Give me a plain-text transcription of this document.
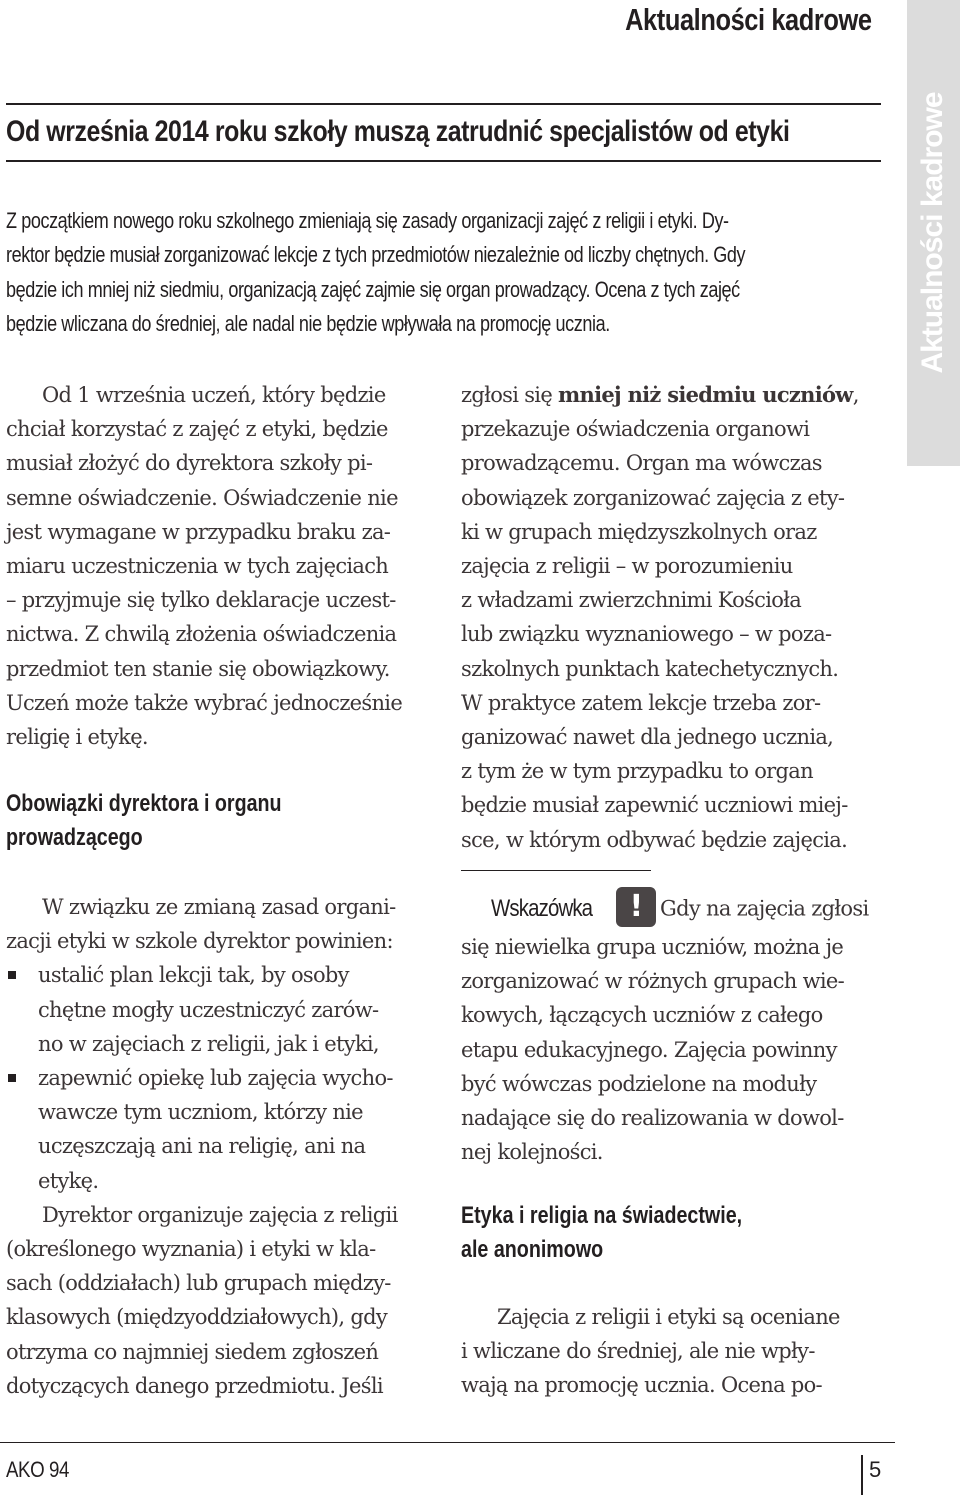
Aktualności kadrowe
Aktualności kadrowe
Od września 2014 roku szkoły muszą zatrudnić specjalistów od etyki
Z początkiem nowego roku szkolnego zmieniają się zasady organizacji zajęć z religii i etyki. Dy-
rektor będzie musiał zorganizować lekcje z tych przedmiotów niezależnie od liczby chętnych. Gdy
będzie ich mniej niż siedmiu, organizacją zajęć zajmie się organ prowadzący. Ocena z tych zajęć
będzie wliczana do średniej, ale nadal nie będzie wpływała na promocję ucznia.

Od 1 września uczeń, który będzie
chciał korzystać z zajęć z etyki, będzie
musiał złożyć do dyrektora szkoły pi-
semne oświadczenie. Oświadczenie nie
jest wymagane w przypadku braku za-
miaru uczestniczenia w tych zajęciach
– przyjmuje się tylko deklaracje uczest-
nictwa. Z chwilą złożenia oświadczenia
przedmiot ten stanie się obowiązkowy.
Uczeń może także wybrać jednocześnie
religię i etykę.

Obowiązki dyrektora i organu
prowadzącego

W związku ze zmianą zasad organi-
zacji etyki w szkole dyrektor powinien:

ustalić plan lekcji tak, by osoby
chętne mogły uczestniczyć zarów-
no w zajęciach z religii, jak i etyki,
zapewnić opiekę lub zajęcia wycho-
wawcze tym uczniom, którzy nie
uczęszczają ani na religię, ani na
etykę.

Dyrektor organizuje zajęcia z religii
(określonego wyznania) i etyki w kla-
sach (oddziałach) lub grupach między-
klasowych (międzyoddziałowych), gdy
otrzyma co najmniej siedem zgłoszeń
dotyczących danego przedmiotu. Jeśli

zgłosi się mniej niż siedmiu uczniów,
przekazuje oświadczenia organowi
prowadzącemu. Organ ma wówczas
obowiązek zorganizować zajęcia z ety-
ki w grupach międzyszkolnych oraz
zajęcia z religii – w porozumieniu
z władzami zwierzchnimi Kościoła
lub związku wyznaniowego – w poza-
szkolnych punktach katechetycznych.
W praktyce zatem lekcje trzeba zor-
ganizować nawet dla jednego ucznia,
z tym że w tym przypadku to organ
będzie musiał zapewnić uczniowi miej-
sce, w którym odbywać będzie zajęcia.

Wskazówka ! Gdy na zajęcia zgłosi
się niewielka grupa uczniów, można je
zorganizować w różnych grupach wie-
kowych, łączących uczniów z całego
etapu edukacyjnego. Zajęcia powinny
być wówczas podzielone na moduły
nadające się do realizowania w dowol-
nej kolejności.
Etyka i religia na świadectwie,
ale anonimowo
Zajęcia z religii i etyki są oceniane
i wliczane do średniej, ale nie wpły-
wają na promocję ucznia. Ocena po-
AKO 94	5
